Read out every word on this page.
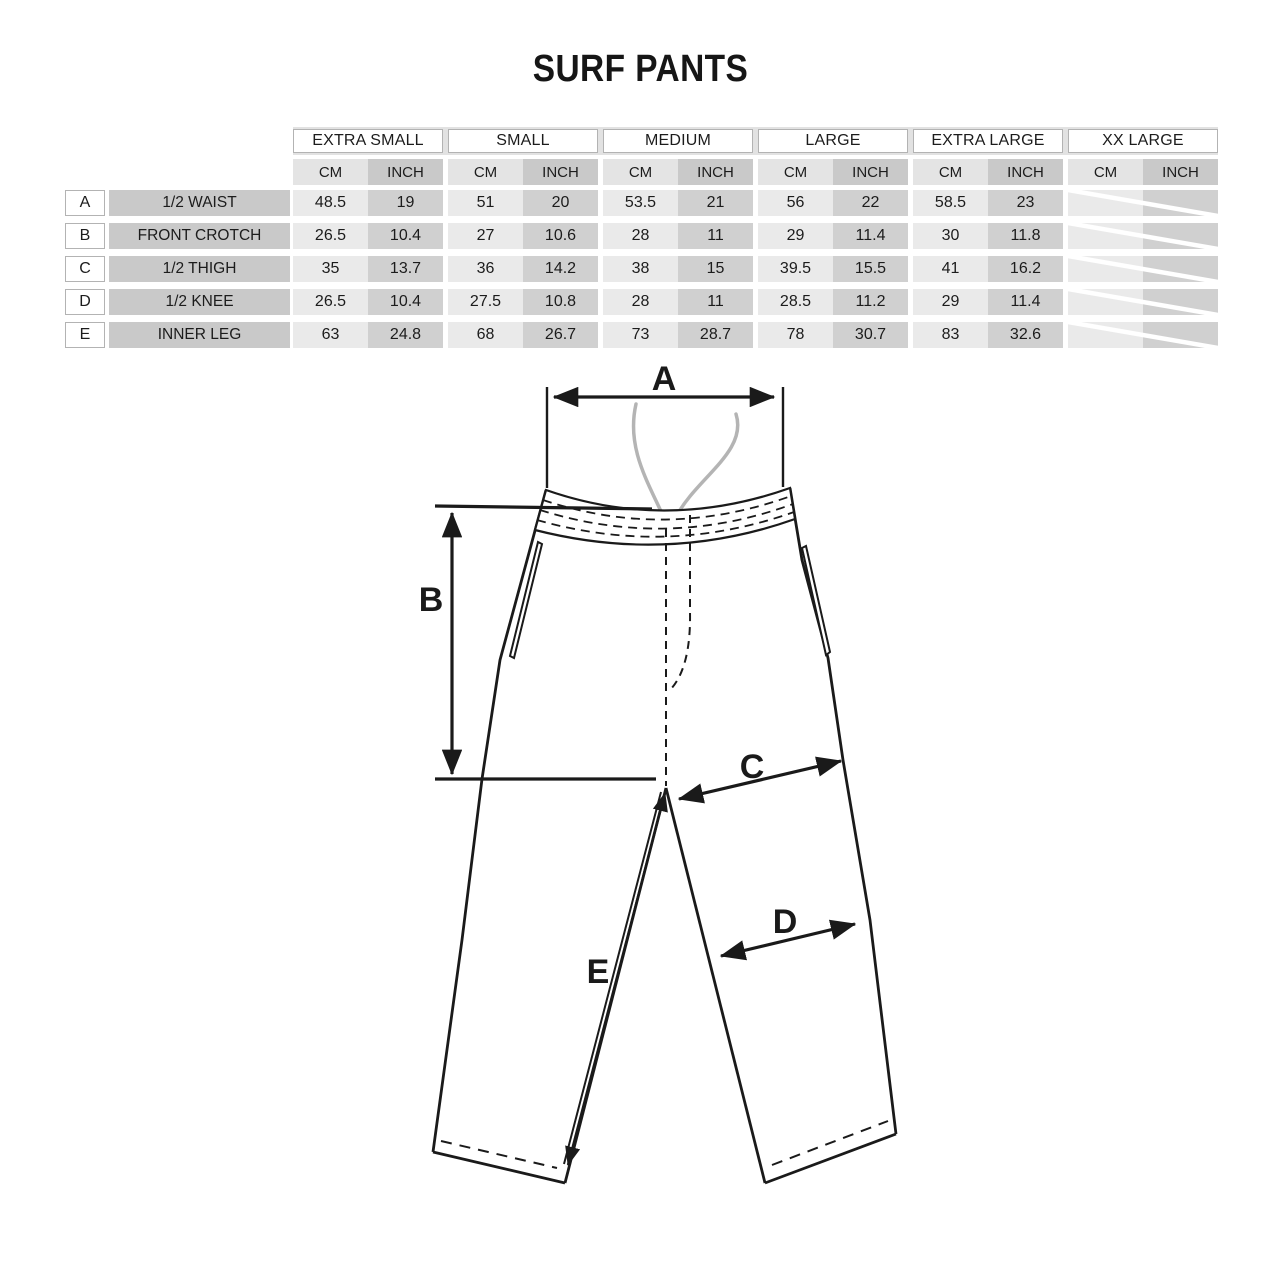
SURF PANTS
EXTRA SMALL	SMALL	MEDIUM	LARGE	EXTRA LARGE	XX LARGE
CM	INCH	CM	INCH	CM	INCH	CM	INCH	CM	INCH	CM	INCH
A	1/2 WAIST	48.5	19	51	20	53.5	21	56	22	58.5	23
B	FRONT CROTCH	26.5	10.4	27	10.6	28	11	29	11.4	30	11.8
C	1/2 THIGH	35	13.7	36	14.2	38	15	39.5	15.5	41	16.2
D	1/2 KNEE	26.5	10.4	27.5	10.8	28	11	28.5	11.2	29	11.4
E	INNER LEG	63	24.8	68	26.7	73	28.7	78	30.7	83	32.6
A
B
C
D
E
